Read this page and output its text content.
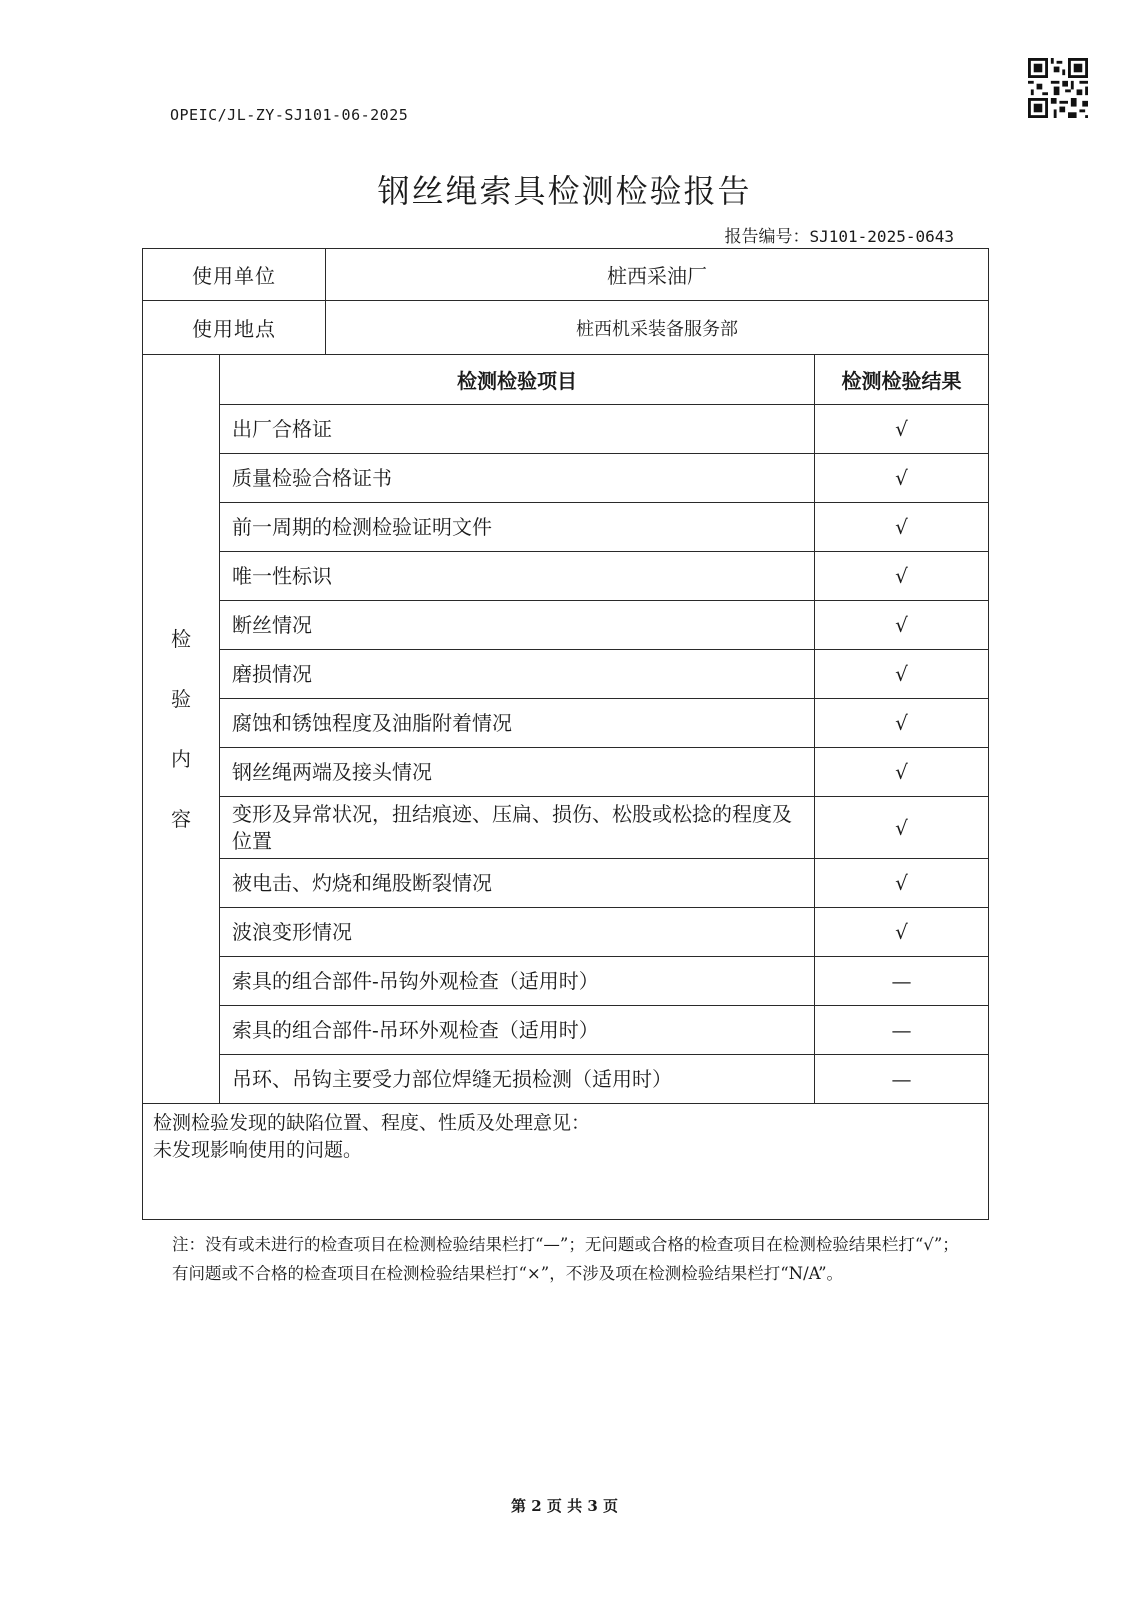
OPEIC/JL-ZY-SJ101-06-2025
钢丝绳索具检测检验报告
报告编号：SJ101-2025-0643
使用单位		桩西采油厂	
使用地点		桩西机采装备服务部	

检
验
内
容	检测检验项目		检测检验结果
	出厂合格证		√
	质量检验合格证书		√
	前一周期的检测检验证明文件		√
	唯一性标识		√
	断丝情况		√
	磨损情况		√
	腐蚀和锈蚀程度及油脂附着情况		√
	钢丝绳两端及接头情况		√
	变形及异常状况，扭结痕迹、压扁、损伤、松股或松捻的程度及位置		√
	被电击、灼烧和绳股断裂情况		√
	波浪变形情况		√
	索具的组合部件-吊钩外观检查（适用时）		—
	索具的组合部件-吊环外观检查（适用时）		—
	吊环、吊钩主要受力部位焊缝无损检测（适用时）		—

检测检验发现的缺陷位置、程度、性质及处理意见：
未发现影响使用的问题。			
注：没有或未进行的检查项目在检测检验结果栏打“—”；无问题或合格的检查项目在检测检验结果栏打“√”；有问题或不合格的检查项目在检测检验结果栏打“×”，不涉及项在检测检验结果栏打“N/A”。
第 2 页 共 3 页
